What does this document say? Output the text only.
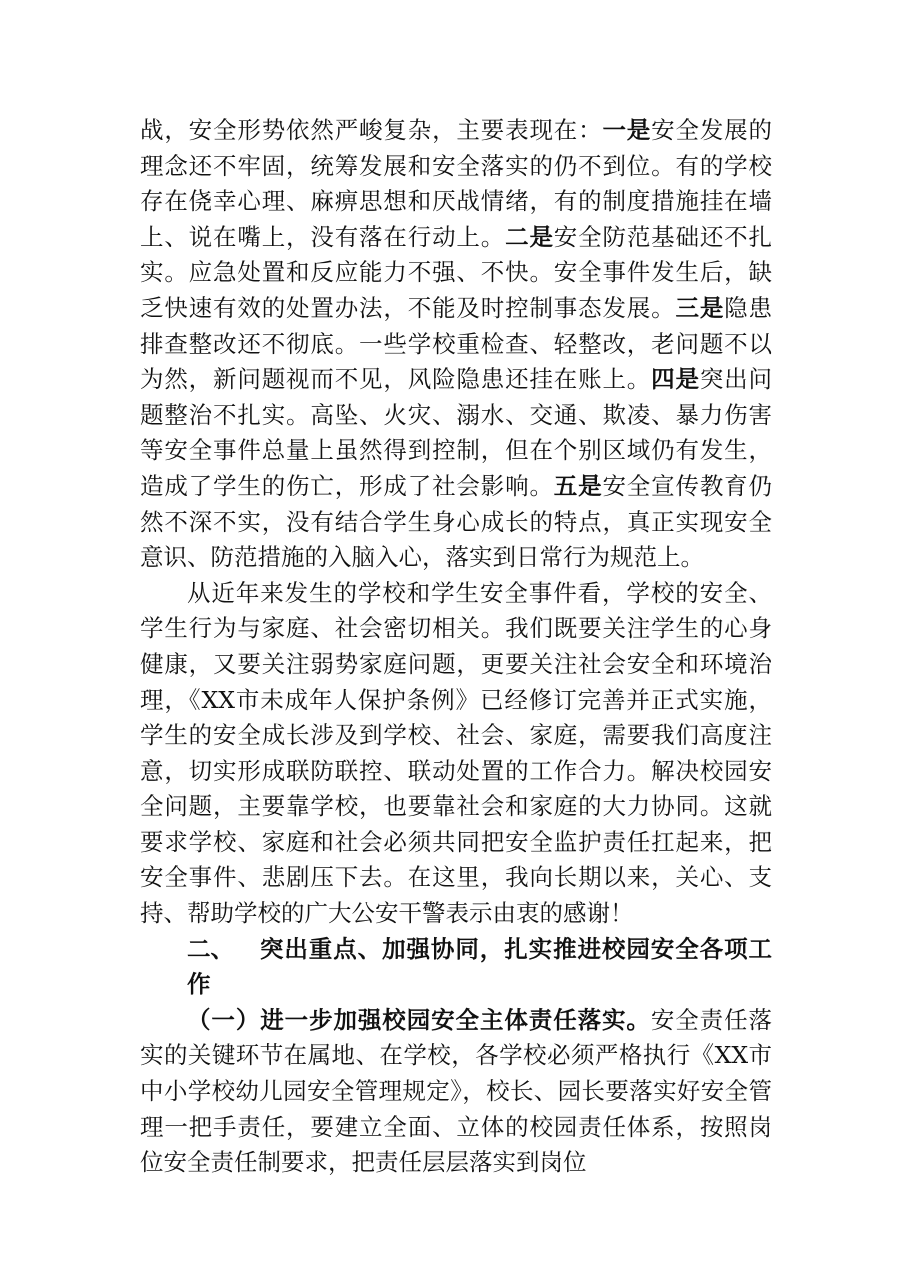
战，安全形势依然严峻复杂，主要表现在：一是安全发展的理念还不牢固，统筹发展和安全落实的仍不到位。有的学校存在侥幸心理、麻痹思想和厌战情绪，有的制度措施挂在墙上、说在嘴上，没有落在行动上。二是安全防范基础还不扎实。应急处置和反应能力不强、不快。安全事件发生后，缺乏快速有效的处置办法，不能及时控制事态发展。三是隐患排查整改还不彻底。一些学校重检查、轻整改，老问题不以为然，新问题视而不见，风险隐患还挂在账上。四是突出问题整治不扎实。高坠、火灾、溺水、交通、欺凌、暴力伤害等安全事件总量上虽然得到控制，但在个别区域仍有发生，造成了学生的伤亡，形成了社会影响。五是安全宣传教育仍然不深不实，没有结合学生身心成长的特点，真正实现安全意识、防范措施的入脑入心，落实到日常行为规范上。

从近年来发生的学校和学生安全事件看，学校的安全、学生行为与家庭、社会密切相关。我们既要关注学生的心身健康，又要关注弱势家庭问题，更要关注社会安全和环境治理，《XX市未成年人保护条例》已经修订完善并正式实施，学生的安全成长涉及到学校、社会、家庭，需要我们高度注意，切实形成联防联控、联动处置的工作合力。解决校园安全问题，主要靠学校，也要靠社会和家庭的大力协同。这就要求学校、家庭和社会必须共同把安全监护责任扛起来，把安全事件、悲剧压下去。在这里，我向长期以来，关心、支持、帮助学校的广大公安干警表示由衷的感谢！

二、 突出重点、加强协同，扎实推进校园安全各项工作

（一）进一步加强校园安全主体责任落实。安全责任落实的关键环节在属地、在学校，各学校必须严格执行《XX市中小学校幼儿园安全管理规定》，校长、园长要落实好安全管理一把手责任，要建立全面、立体的校园责任体系，按照岗位安全责任制要求，把责任层层落实到岗位
